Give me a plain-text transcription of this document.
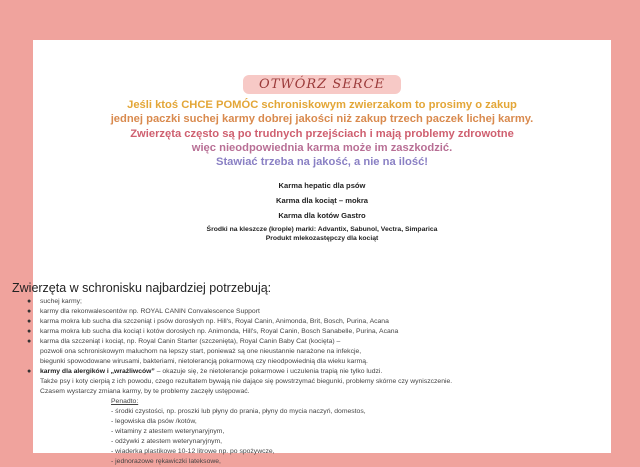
OTWÓRZ SERCE
Jeśli ktoś CHCE POMÓC schroniskowym zwierzakom to prosimy o zakup
jednej paczki suchej karmy dobrej jakości niż zakup trzech paczek lichej karmy.
Zwierzęta często są po trudnych przejściach i mają problemy zdrowotne
więc nieodpowiednia karma może im zaszkodzić.
Stawiać trzeba na jakość, a nie na ilość!
Karma hepatic dla psów
Karma dla kociąt – mokra
Karma dla kotów Gastro
Środki na kleszcze (krople) marki: Advantix, Sabunol, Vectra, Simparica
Produkt mlekozastępczy dla kociąt
Zwierzęta w schronisku najbardziej potrzebują:
● suchej karmy;
● karmy dla rekonwalescentów np. ROYAL CANIN Convalescence Support
● karma mokra lub sucha dla szczeniąt i psów dorosłych np. Hill's, Royal Canin, Animonda, Brit, Bosch, Purina, Acana
● karma mokra lub sucha dla kociąt i kotów dorosłych np. Animonda, Hill's, Royal Canin, Bosch Sanabelle, Purina, Acana
● karma dla szczeniąt i kociąt, np. Royal Canin Starter (szczenięta), Royal Canin Baby Cat (kocięta) –
pozwoli ona schroniskowym maluchom na lepszy start, ponieważ są one nieustannie narażone na infekcje,
biegunki spowodowane wirusami, bakteriami, nietolerancją pokarmową czy nieodpowiednią dla wieku karmą.
● karmy dla alergików i „wrażliwców” – okazuje się, że nietolerancje pokarmowe i uczulenia trapią nie tylko ludzi.
Także psy i koty cierpią z ich powodu, czego rezultatem bywają nie dające się powstrzymać biegunki, problemy skórne czy wyniszczenie.
Czasem wystarczy zmiana karmy, by te problemy zaczęły ustępować.
Penadto:
- środki czystości, np. proszki lub płyny do prania, płyny do mycia naczyń, domestos,
- legowiska dla psów /kotów,
- witaminy z atestem weterynaryjnym,
- odżywki z atestem weterynaryjnym,
- wiaderka plastikowe 10-12 litrowe np. po spożywcze,
- jednorazowe rękawiczki lateksowe,
